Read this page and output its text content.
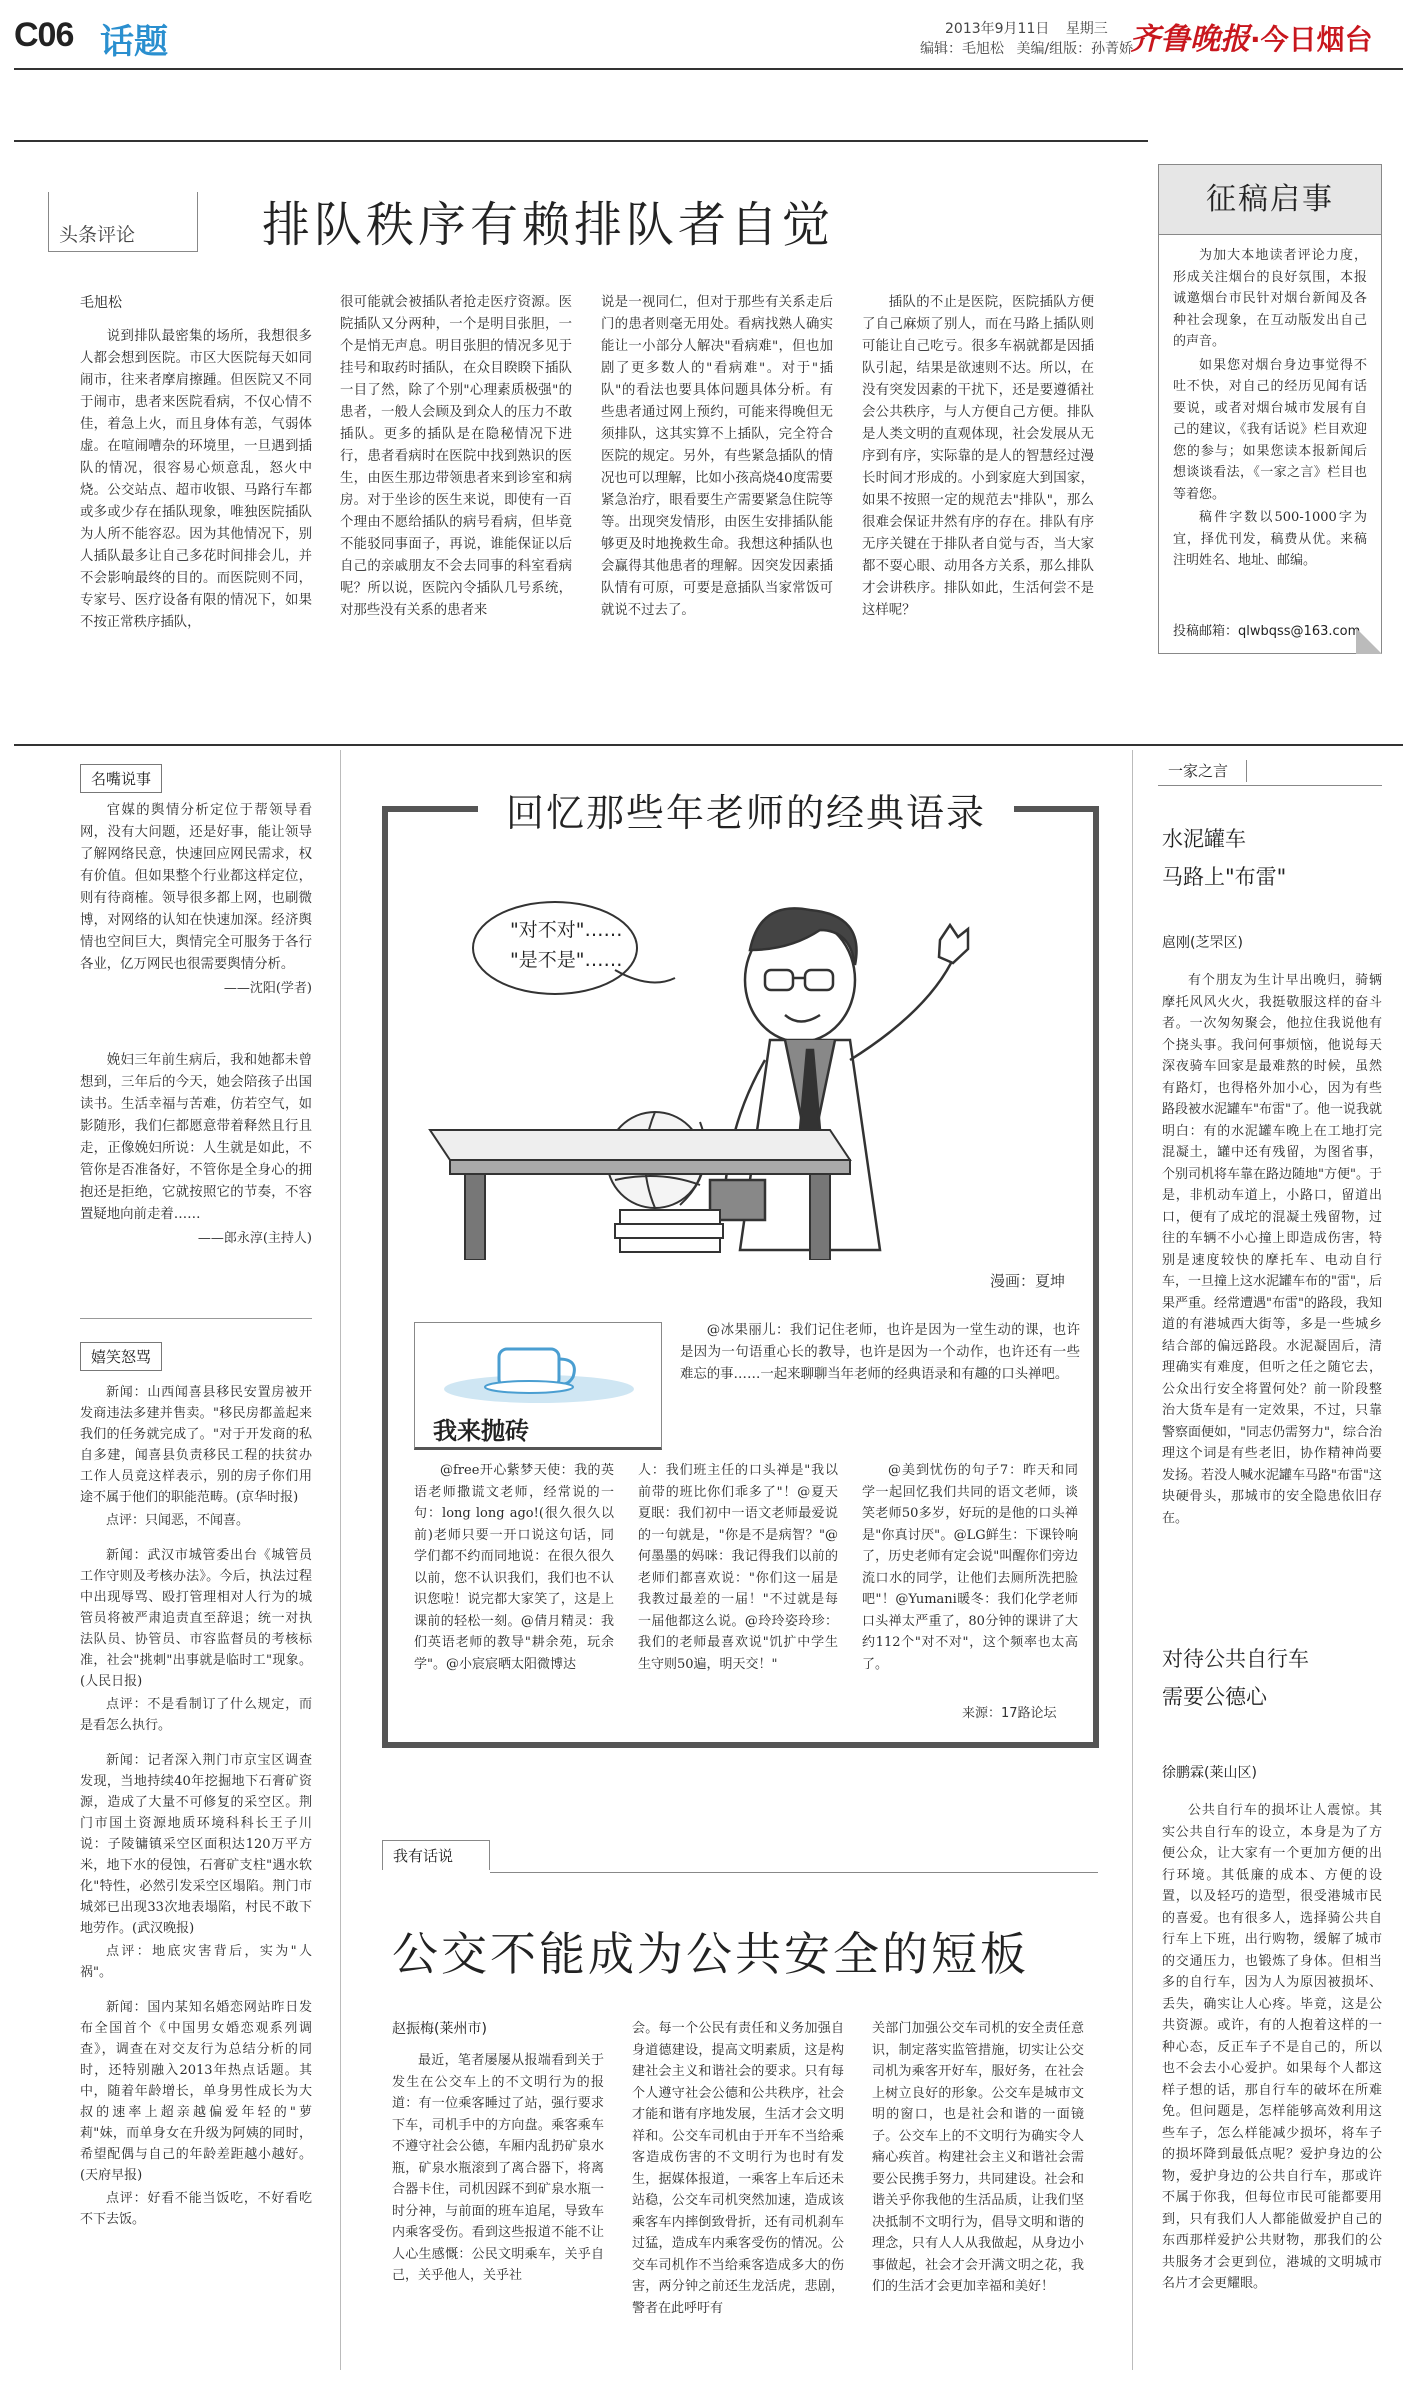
C06 话题	2013年9月11日 星期三
编辑：毛旭松 美编/组版：孙菁娇
齐鲁晚报·今日烟台
头条评论	排队秩序有赖排队者自觉
毛旭松

说到排队最密集的场所，我想很多人都会想到医院。市区大医院每天如同闹市，往来者摩肩擦踵。但医院又不同于闹市，患者来医院看病，不仅心情不佳，着急上火，而且身体有恙，气弱体虚。在喧闹嘈杂的环境里，一旦遇到插队的情况，很容易心烦意乱，怒火中烧。公交站点、超市收银、马路行车都或多或少存在插队现象，唯独医院插队为人所不能容忍。因为其他情况下，别人插队最多让自己多花时间排会儿，并不会影响最终的目的。而医院则不同，专家号、医疗设备有限的情况下，如果不按正常秩序插队，

很可能就会被插队者抢走医疗资源。医院插队又分两种，一个是明目张胆，一个是悄无声息。明目张胆的情况多见于挂号和取药时插队，在众目睽睽下插队一目了然，除了个别"心理素质极强"的患者，一般人会顾及到众人的压力不敢插队。更多的插队是在隐秘情况下进行，患者看病时在医院中找到熟识的医生，由医生那边带领患者来到诊室和病房。对于坐诊的医生来说，即使有一百个理由不愿给插队的病号看病，但毕竟不能驳同事面子，再说，谁能保证以后自己的亲戚朋友不会去同事的科室看病呢？所以说，医院內令插队几号系统，对那些没有关系的患者来

说是一视同仁，但对于那些有关系走后门的患者则毫无用处。看病找熟人确实能让一小部分人解决"看病难"，但也加剧了更多数人的"看病难"。对于"插队"的看法也要具体问题具体分析。有些患者通过网上预约，可能来得晚但无须排队，这其实算不上插队，完全符合医院的规定。另外，有些紧急插队的情况也可以理解，比如小孩高烧40度需要紧急治疗，眼看要生产需要紧急住院等等。出现突发情形，由医生安排插队能够更及时地挽救生命。我想这种插队也会赢得其他患者的理解。因突发因素插队情有可原，可要是意插队当家常饭可就说不过去了。

插队的不止是医院，医院插队方便了自己麻烦了别人，而在马路上插队则可能让自己吃亏。很多车祸就都是因插队引起，结果是欲速则不达。所以，在没有突发因素的干扰下，还是要遵循社会公共秩序，与人方便自己方便。排队是人类文明的直观体现，社会发展从无序到有序，实际靠的是人的智慧经过漫长时间才形成的。小到家庭大到国家，如果不按照一定的规范去"排队"，那么很难会保证井然有序的存在。排队有序无序关键在于排队者自觉与否，当大家都不耍心眼、动用各方关系，那么排队才会讲秩序。排队如此，生活何尝不是这样呢？

征稿启事

为加大本地读者评论力度，形成关注烟台的良好氛围，本报诚邀烟台市民针对烟台新闻及各种社会现象，在互动版发出自己的声音。

如果您对烟台身边事觉得不吐不快，对自己的经历见闻有话要说，或者对烟台城市发展有自己的建议，《我有话说》栏目欢迎您的参与；如果您读本报新闻后想谈谈看法，《一家之言》栏目也等着您。

稿件字数以500-1000字为宜，择优刊发，稿费从优。来稿注明姓名、地址、邮编。

投稿邮箱：qlwbqss@163.com
名嘴说事

官媒的舆情分析定位于帮领导看网，没有大问题，还是好事，能让领导了解网络民意，快速回应网民需求，权有价值。但如果整个行业都这样定位，则有待商榷。领导很多都上网，也刷微博，对网络的认知在快速加深。经济舆情也空间巨大，舆情完全可服务于各行各业，亿万网民也很需要舆情分析。

——沈阳(学者)

娩妇三年前生病后，我和她都未曾想到，三年后的今天，她会陪孩子出国读书。生活幸福与苦难，仿若空气，如影随形，我们仨都愿意带着释然且行且走，正像娩妇所说：人生就是如此，不管你是否准备好，不管你是全身心的拥抱还是拒绝，它就按照它的节奏，不容置疑地向前走着……

——郎永淳(主持人)
嬉笑怒骂

新闻：山西闻喜县移民安置房被开发商违法多建并售卖。"移民房都盖起来我们的任务就完成了。"对于开发商的私自多建，闻喜县负责移民工程的扶贫办工作人员竟这样表示，别的房子你们用途不属于他们的职能范畴。(京华时报)

点评：只闻恶，不闻喜。

新闻：武汉市城管委出台《城管员工作守则及考核办法》。今后，执法过程中出现辱骂、殴打管理相对人行为的城管员将被严肃追责直至辞退；统一对执法队员、协管员、市容监督员的考核标准，社会"挑刺"出事就是临时工"现象。(人民日报)

点评：不是看制订了什么规定，而是看怎么执行。

新闻：记者深入荆门市京宝区调查发现，当地持续40年挖掘地下石膏矿资源，造成了大量不可修复的采空区。荆门市国土资源地质环境科科长王子川说：子陵镛镇采空区面积达120万平方米，地下水的侵蚀，石膏矿支柱"遇水软化"特性，必然引发采空区塌陷。荆门市城郊已出现33次地表塌陷，村民不敢下地劳作。(武汉晚报)

点评：地底灾害背后，实为"人祸"。

新闻：国内某知名婚恋网站昨日发布全国首个《中国男女婚恋观系列调查》，调查在对交友行为总结分析的同时，还特别融入2013年热点话题。其中，随着年龄增长，单身男性成长为大叔的速率上超亲越偏爱年轻的"萝莉"妹，而单身女在升级为阿姨的同时，希望配偶与自己的年龄差距越小越好。(天府早报)

点评：好看不能当饭吃，不好看吃不下去饭。

回忆那些年老师的经典语录
"对不对"……
"是不是"……
漫画：夏坤
我来抛砖

@冰果丽儿：我们记住老师，也许是因为一堂生动的课，也许是因为一句语重心长的教导，也许是因为一个动作，也许还有一些难忘的事……一起来聊聊当年老师的经典语录和有趣的口头禅吧。

@free开心紫梦天使：我的英语老师撒谎文老师，经常说的一句：long long ago!(很久很久以前)老师只要一开口说这句话，同学们都不约而同地说：在很久很久以前，您不认识我们，我们也不认识您啦！说完都大家笑了，这是上课前的轻松一刻。@倩月精灵：我们英语老师的教导"耕余苑，玩余学"。@小宸宸晒太阳微博达

人：我们班主任的口头禅是"我以前带的班比你们乖多了"！@夏天夏眠：我们初中一语文老师最爱说的一句就是，"你是不是病智？"@何墨墨的妈咪：我记得我们以前的老师们都喜欢说："你们这一届是我教过最差的一届！"不过就是每一届他都这么说。@玲玲姿玲珍：我们的老师最喜欢说"饥扩中学生生守则50遍，明天交！"

@美到忧伤的句子7：昨天和同学一起回忆我们共同的语文老师，谈笑老师50多岁，好玩的是他的口头禅是"你真讨厌"。@LG鲜生：下课铃响了，历史老师有定会说"叫醒你们旁边流口水的同学，让他们去厕所洗把脸吧"！@Yumani暖冬：我们化学老师口头禅太严重了，80分钟的课讲了大约112个"对不对"，这个频率也太高了。

来源：17路论坛
我有话说
公交不能成为公共安全的短板
赵振梅(莱州市)

最近，笔者屡屡从报端看到关于发生在公交车上的不文明行为的报道：有一位乘客睡过了站，强行要求下车，司机手中的方向盘。乘客乘车不遵守社会公德，车厢内乱扔矿泉水瓶，矿泉水瓶滚到了离合器下，将离合器卡住，司机因踩不到矿泉水瓶一时分神，与前面的班车追尾，导致车内乘客受伤。看到这些报道不能不让人心生感慨：公民文明乘车，关乎自己，关乎他人，关乎社

会。每一个公民有责任和义务加强自身道德建设，提高文明素质，这是构建社会主义和谐社会的要求。只有每个人遵守社会公德和公共秩序，社会才能和谐有序地发展，生活才会文明祥和。公交车司机由于开车不当给乘客造成伤害的不文明行为也时有发生，据媒体报道，一乘客上车后还未站稳，公交车司机突然加速，造成该乘客车内摔倒致骨折，还有司机刹车过猛，造成车内乘客受伤的情况。公交车司机作不当给乘客造成多大的伤害，两分钟之前还生龙活虎，悲剧，警者在此呼吁有

关部门加强公交车司机的安全责任意识，制定落实监管措施，切实让公交司机为乘客开好车，服好务，在社会上树立良好的形象。公交车是城市文明的窗口，也是社会和谐的一面镜子。公交车上的不文明行为确实令人痛心疾首。构建社会主义和谐社会需要公民携手努力，共同建设。社会和谐关乎你我他的生活品质，让我们坚决抵制不文明行为，倡导文明和谐的理念，只有人人从我做起，从身边小事做起，社会才会开满文明之花，我们的生活才会更加幸福和美好！

一家之言
水泥罐车
马路上"布雷"
扈刚(芝罘区)

有个朋友为生计早出晚归，骑辆摩托风风火火，我挺敬服这样的奋斗者。一次匆匆聚会，他拉住我说他有个挠头事。我问何事烦恼，他说每天深夜骑车回家是最难熬的时候，虽然有路灯，也得格外加小心，因为有些路段被水泥罐车"布雷"了。他一说我就明白：有的水泥罐车晚上在工地打完混凝土，罐中还有残留，为图省事，个别司机将车靠在路边随地"方便"。于是，非机动车道上，小路口，留道出口，便有了成坨的混凝土残留物，过往的车辆不小心撞上即造成伤害，特别是速度较快的摩托车、电动自行车，一旦撞上这水泥罐车布的"雷"，后果严重。经常遭遇"布雷"的路段，我知道的有港城西大街等，多是一些城乡结合部的偏远路段。水泥凝固后，清理确实有难度，但听之任之随它去，公众出行安全将置何处？前一阶段整治大货车是有一定效果，不过，只靠警察面便如，"同志仍需努力"，综合治理这个词是有些老旧，协作精神尚要发扬。若没人喊水泥罐车马路"布雷"这块硬骨头，那城市的安全隐患依旧存在。

对待公共自行车
需要公德心
徐鹏霖(莱山区)

公共自行车的损坏让人震惊。其实公共自行车的设立，本身是为了方便公众，让大家有一个更加方便的出行环境。其低廉的成本、方便的设置，以及轻巧的造型，很受港城市民的喜爱。也有很多人，选择骑公共自行车上下班，出行购物，缓解了城市的交通压力，也锻炼了身体。但相当多的自行车，因为人为原因被损坏、丢失，确实让人心疼。毕竟，这是公共资源。或许，有的人抱着这样的一种心态，反正车子不是自己的，所以也不会去小心爱护。如果每个人都这样子想的话，那自行车的破坏在所难免。但问题是，怎样能够高效利用这些车子，怎么样能减少损坏，将车子的损坏降到最低点呢？爱护身边的公物，爱护身边的公共自行车，那或许不属于你我，但每位市民可能都要用到，只有我们人人都能做爱护自己的东西那样爱护公共财物，那我们的公共服务才会更到位，港城的文明城市名片才会更耀眼。
